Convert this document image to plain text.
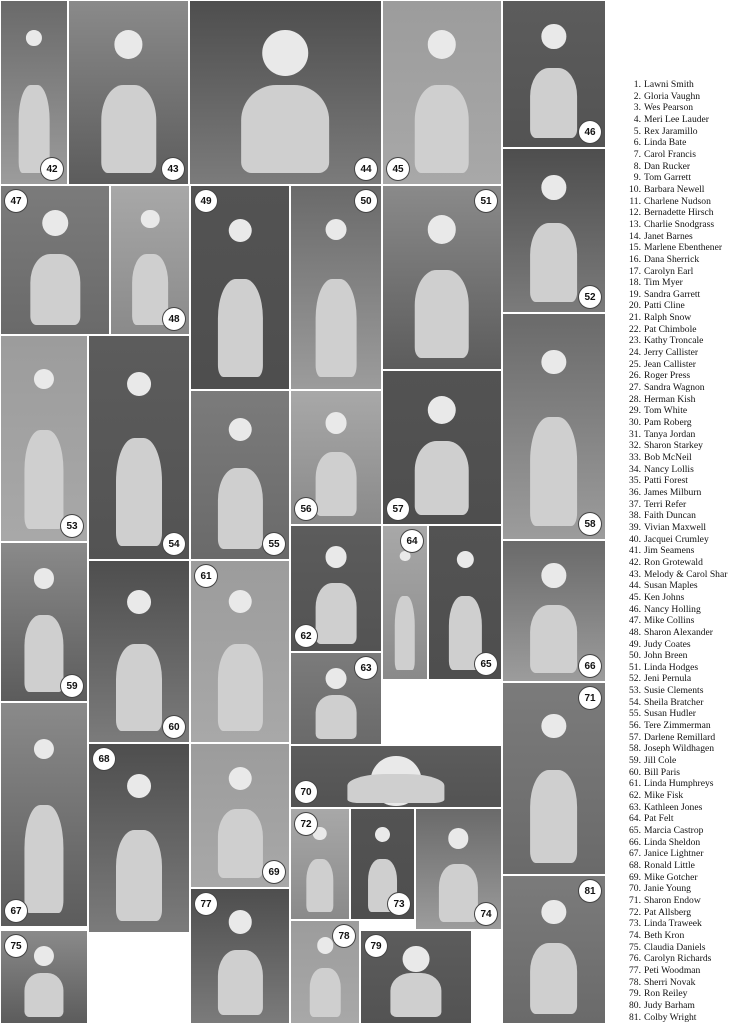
42	43	44	45
46
47
48
49	50	51
52
53
54	55
56	57
58
59
60
61
62
63
64
65	66
67
68
69
70
71
72
73
74
75
77
78
79
81
1. Lawni Smith
2. Gloria Vaughn
3. Wes Pearson
4. Meri Lee Lauder
5. Rex Jaramillo
6. Linda Bate
7. Carol Francis
8. Dan Rucker
9. Tom Garrett
10. Barbara Newell
11. Charlene Nudson
12. Bernadette Hirsch
13. Charlie Snodgrass
14. Janet Barnes
15. Marlene Ebenthener
16. Dana Sherrick
17. Carolyn Earl
18. Tim Myer
19. Sandra Garrett
20. Patti Cline
21. Ralph Snow
22. Pat Chimbole
23. Kathy Troncale
24. Jerry Callister
25. Jean Callister
26. Roger Press
27. Sandra Wagnon
28. Herman Kish
29. Tom White
30. Pam Roberg
31. Tanya Jordan
32. Sharon Starkey
33. Bob McNeil
34. Nancy Lollis
35. Patti Forest
36. James Milburn
37. Terri Refer
38. Faith Duncan
39. Vivian Maxwell
40. Jacquei Crumley
41. Jim Seamens
42. Ron Grotewald
43. Melody & Carol Shar
44. Susan Maples
45. Ken Johns
46. Nancy Holling
47. Mike Collins
48. Sharon Alexander
49. Judy Coates
50. John Breen
51. Linda Hodges
52. Jeni Pernula
53. Susie Clements
54. Sheila Bratcher
55. Susan Hudler
56. Tere Zimmerman
57. Darlene Remillard
58. Joseph Wildhagen
59. Jill Cole
60. Bill Paris
61. Linda Humphreys
62. Mike Fisk
63. Kathleen Jones
64. Pat Felt
65. Marcia Castrop
66. Linda Sheldon
67. Janice Lightner
68. Ronald Little
69. Mike Gotcher
70. Janie Young
71. Sharon Endow
72. Pat Allsberg
73. Linda Traweek
74. Beth Kron
75. Claudia Daniels
76. Carolyn Richards
77. Peti Woodman
78. Sherri Novak
79. Ron Reiley
80. Judy Barham
81. Colby Wright
